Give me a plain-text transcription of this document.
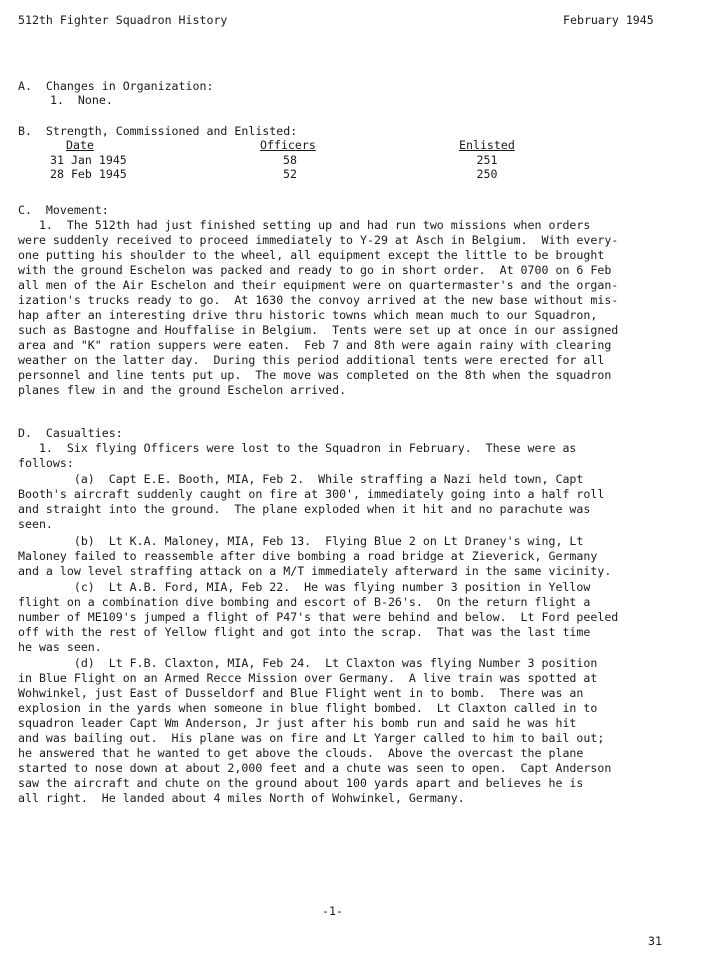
512th Fighter Squadron History	February 1945
A.  Changes in Organization:
1.  None.
B.  Strength, Commissioned and Enlisted:
Date	Officers	Enlisted
31 Jan 1945	58	251
28 Feb 1945	52	250
C.  Movement:
1.  The 512th had just finished setting up and had run two missions when orders
were suddenly received to proceed immediately to Y-29 at Asch in Belgium.  With every-
one putting his shoulder to the wheel, all equipment except the little to be brought
with the ground Eschelon was packed and ready to go in short order.  At 0700 on 6 Feb
all men of the Air Eschelon and their equipment were on quartermaster's and the organ-
ization's trucks ready to go.  At 1630 the convoy arrived at the new base without mis-
hap after an interesting drive thru historic towns which mean much to our Squadron,
such as Bastogne and Houffalise in Belgium.  Tents were set up at once in our assigned
area and "K" ration suppers were eaten.  Feb 7 and 8th were again rainy with clearing
weather on the latter day.  During this period additional tents were erected for all
personnel and line tents put up.  The move was completed on the 8th when the squadron
planes flew in and the ground Eschelon arrived.
D.  Casualties:
1.  Six flying Officers were lost to the Squadron in February.  These were as
follows:
(a)  Capt E.E. Booth, MIA, Feb 2.  While straffing a Nazi held town, Capt
Booth's aircraft suddenly caught on fire at 300', immediately going into a half roll
and straight into the ground.  The plane exploded when it hit and no parachute was
seen.
(b)  Lt K.A. Maloney, MIA, Feb 13.  Flying Blue 2 on Lt Draney's wing, Lt
Maloney failed to reassemble after dive bombing a road bridge at Zieverick, Germany
and a low level straffing attack on a M/T immediately afterward in the same vicinity.
(c)  Lt A.B. Ford, MIA, Feb 22.  He was flying number 3 position in Yellow
flight on a combination dive bombing and escort of B-26's.  On the return flight a
number of ME109's jumped a flight of P47's that were behind and below.  Lt Ford peeled
off with the rest of Yellow flight and got into the scrap.  That was the last time
he was seen.
(d)  Lt F.B. Claxton, MIA, Feb 24.  Lt Claxton was flying Number 3 position
in Blue Flight on an Armed Recce Mission over Germany.  A live train was spotted at
Wohwinkel, just East of Dusseldorf and Blue Flight went in to bomb.  There was an
explosion in the yards when someone in blue flight bombed.  Lt Claxton called in to
squadron leader Capt Wm Anderson, Jr just after his bomb run and said he was hit
and was bailing out.  His plane was on fire and Lt Yarger called to him to bail out;
he answered that he wanted to get above the clouds.  Above the overcast the plane
started to nose down at about 2,000 feet and a chute was seen to open.  Capt Anderson
saw the aircraft and chute on the ground about 100 yards apart and believes he is
all right.  He landed about 4 miles North of Wohwinkel, Germany.
-1-
31
